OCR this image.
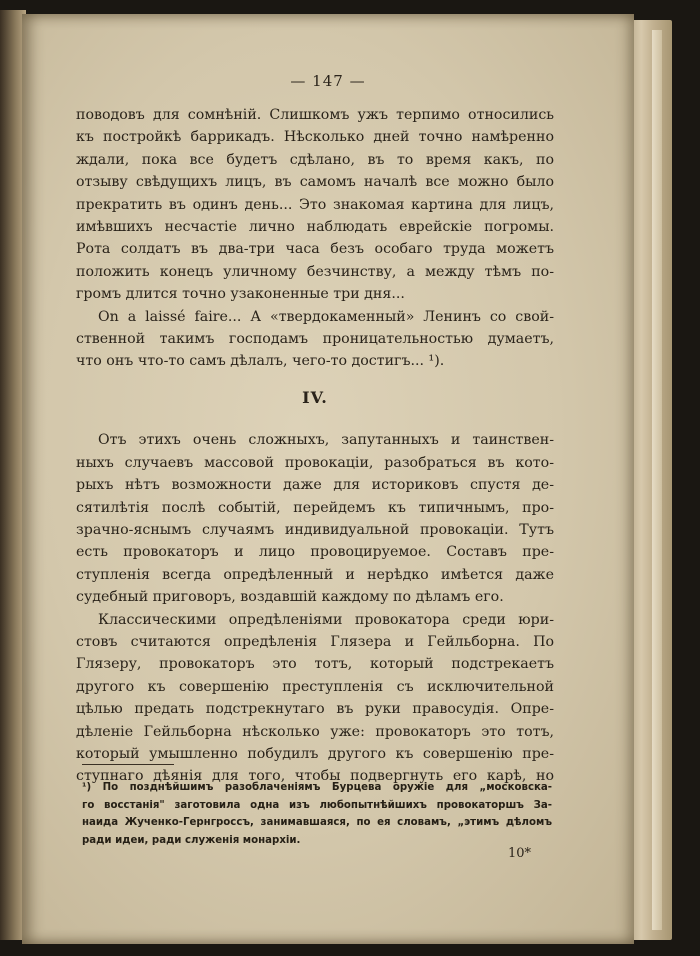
— 147 —
поводовъ для сомнѣній. Слишкомъ ужъ терпимо относились
къ постройкѣ баррикадъ. Нѣсколько дней точно намѣренно
ждали, пока все будетъ сдѣлано, въ то время какъ, по
отзыву свѣдущихъ лицъ, въ самомъ началѣ все можно было
прекратить въ одинъ день... Это знакомая картина для лицъ,
имѣвшихъ несчастіе лично наблюдать еврейскіе погромы.
Рота солдатъ въ два-три часа безъ особаго труда можетъ
положить конецъ уличному безчинству, а между тѣмъ по-
громъ длится точно узаконенные три дня...
On a laissé faire... А «твердокаменный» Ленинъ со свой-
ственной такимъ господамъ проницательностью думаетъ,
что онъ что-то самъ дѣлалъ, чего-то достигъ... ¹).
IV.
Отъ этихъ очень сложныхъ, запутанныхъ и таинствен-
ныхъ случаевъ массовой провокаціи, разобраться въ кото-
рыхъ нѣтъ возможности даже для историковъ спустя де-
сятилѣтія послѣ событій, перейдемъ къ типичнымъ, про-
зрачно-яснымъ случаямъ индивидуальной провокаціи. Тутъ
есть провокаторъ и лицо провоцируемое. Составъ пре-
ступленія всегда опредѣленный и нерѣдко имѣется даже
судебный приговоръ, воздавшій каждому по дѣламъ его.
Классическими опредѣленіями провокатора среди юри-
стовъ считаются опредѣленія Глязера и Гейльборна. По
Глязеру, провокаторъ это тотъ, который подстрекаетъ
другого къ совершенію преступленія съ исключительной
цѣлью предать подстрекнутаго въ руки правосудія. Опре-
дѣленіе Гейльборна нѣсколько уже: провокаторъ это тотъ,
который умышленно побудилъ другого къ совершенію пре-
ступнаго дѣянія для того, чтобы подвергнуть его карѣ, но
¹) По позднѣйшимъ разоблаченіямъ Бурцева оружіе для „московска-
го восстанія" заготовила одна изъ любопытнѣйшихъ провокаторшъ За-
наида Жученко-Гернгроссъ, занимавшаяся, по ея словамъ, „этимъ дѣломъ
ради идеи, ради служенія монархіи.
10*
